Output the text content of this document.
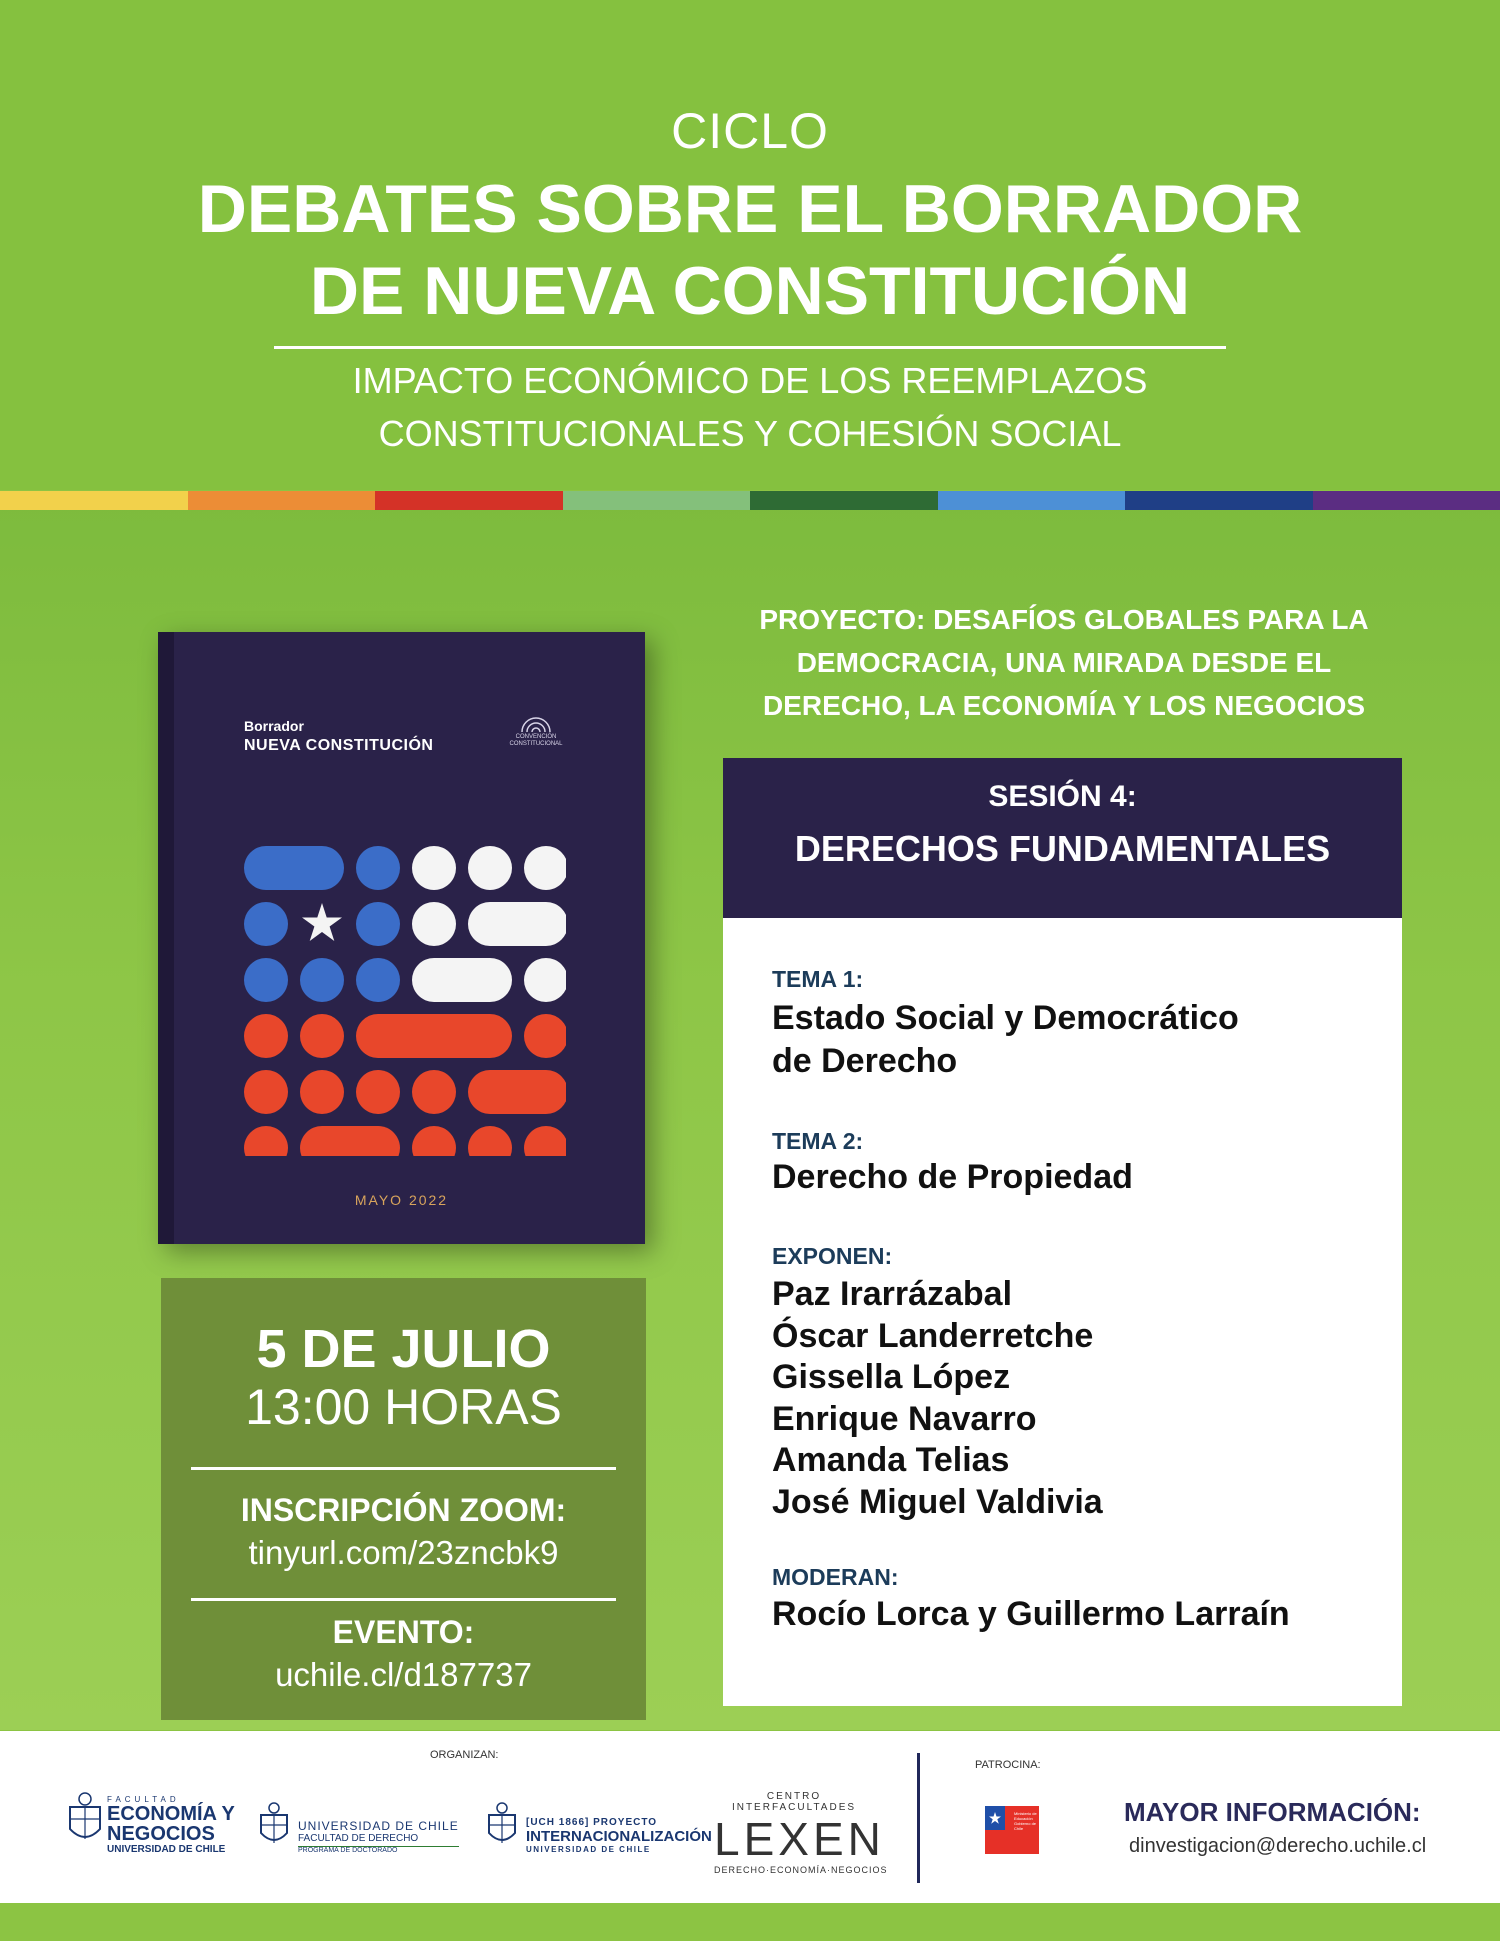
CICLO
DEBATES SOBRE EL BORRADOR
DE NUEVA CONSTITUCIÓN
IMPACTO ECONÓMICO DE LOS REEMPLAZOS
CONSTITUCIONALES Y COHESIÓN SOCIAL
Borrador
NUEVA CONSTITUCIÓN	CONVENCIÓN
CONSTITUCIONAL
MAYO 2022
5 DE JULIO
13:00 HORAS
INSCRIPCIÓN ZOOM:
tinyurl.com/23zncbk9
EVENTO:
uchile.cl/d187737
PROYECTO: DESAFÍOS GLOBALES PARA LA
DEMOCRACIA, UNA MIRADA DESDE EL
DERECHO, LA ECONOMÍA Y LOS NEGOCIOS
SESIÓN 4:
DERECHOS FUNDAMENTALES
TEMA 1:
Estado Social y Democrático
de Derecho
TEMA 2:
Derecho de Propiedad
EXPONEN:
Paz Irarrázabal
Óscar Landerretche
Gissella López
Enrique Navarro
Amanda Telias
José Miguel Valdivia
MODERAN:
Rocío Lorca y Guillermo Larraín
ORGANIZAN:
FACULTAD
ECONOMÍA Y
NEGOCIOS
UNIVERSIDAD DE CHILE
UNIVERSIDAD DE CHILE
FACULTAD DE DERECHO
PROGRAMA DE DOCTORADO
[UCH 1866] PROYECTO
INTERNACIONALIZACIÓN
UNIVERSIDAD DE CHILE
CENTRO INTERFACULTADES
LEXEN
DERECHO·ECONOMÍA·NEGOCIOS
PATROCINA:
Ministerio de Educación Gobierno de Chile
MAYOR INFORMACIÓN:
dinvestigacion@derecho.uchile.cl
